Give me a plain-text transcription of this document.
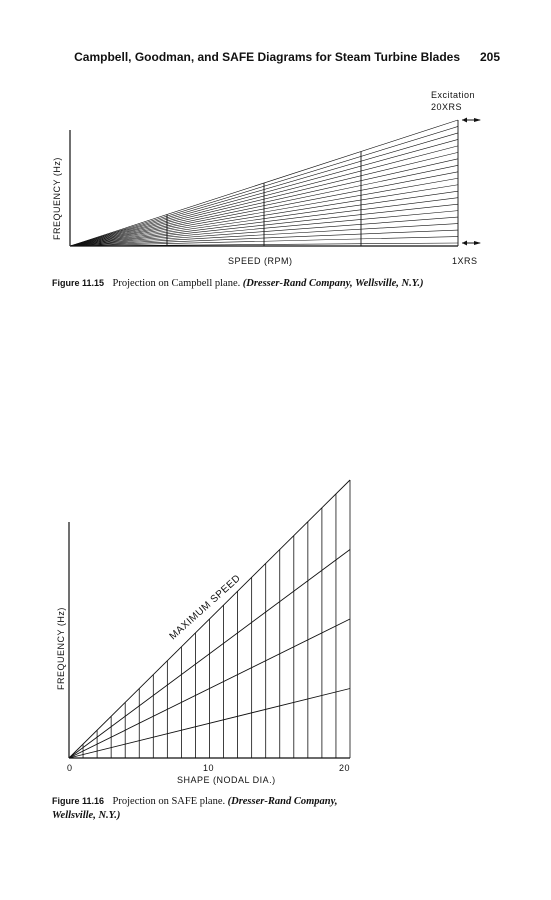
Campbell, Goodman, and SAFE Diagrams for Steam Turbine Blades 205
FREQUENCY (Hz)
SPEED (RPM)
Excitation
20XRS
1XRS
Figure 11.15 Projection on Campbell plane. (Dresser-Rand Company, Wellsville, N.Y.)
FREQUENCY (Hz)
SHAPE (NODAL DIA.)
0	10	20
MAXIMUM SPEED
Figure 11.16 Projection on SAFE plane. (Dresser-Rand Company, Wellsville, N.Y.)
